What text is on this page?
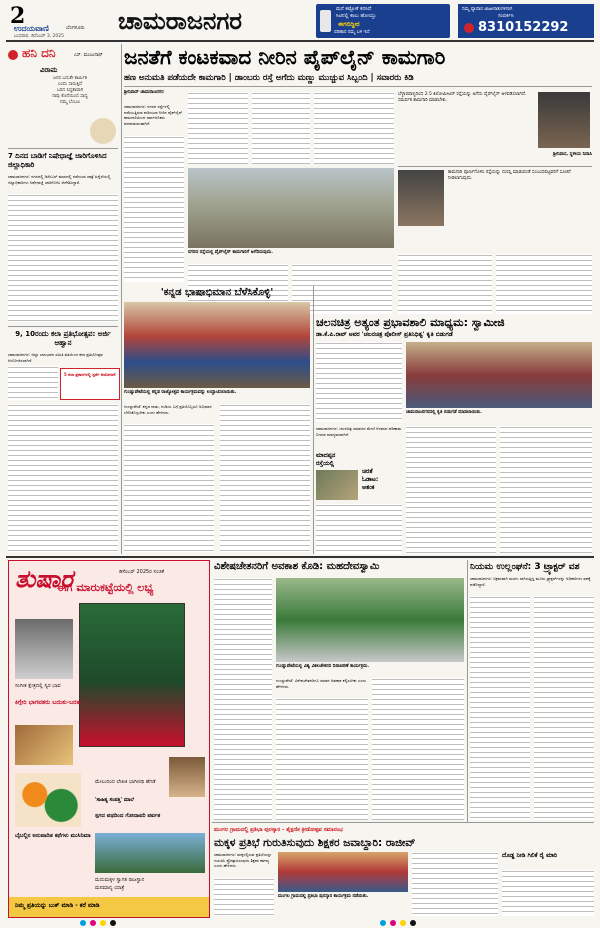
2
ಉದಯವಾಣಿ	ಬೆಂಗಳೂರು
ಬುಧವಾರ, ಡಿಸೆಂಬರ್ 3, 2025
ಚಾಮರಾಜನಗರ	ಮನೆ ಕಟ್ಟೋಕೆ ಕನಸಿದೆ
ಸಿಟಿನಲ್ಲಿ ಕಾಲು ಹೋಯ್ತು
ಈಗಲಿದ್ದೀರ
ಪರಿಹಾರ ನಮ್ಮ ಬಳಿ ಇದೆ
ನಿಮ್ಮ ವ್ಯಾಪಾರ ಜಾಹೀರಾತುಗಳಿಗಾಗಿ
ಸಂಪರ್ಕಿಸಿ
8310152292
ಹನಿ ದನಿ	ಎಸ್. ಮಂಜುನಾಥ್
ವಿರಾಮ
ಜನರ ಬದುಕೇ ಕಾರ್ಮಿಕ
ಎಂದು ಸಾರುತ್ತಿದೆ
ಬರದ ಸಿದ್ಧತಾವಾಗಿ
ನಾವು ಕೊನೆಯಿಂದ ಸಾಧ್ಯ
ನಮ್ಮ ಬೆಂಬಲ
7 ದಿನದ ಬಾಡಿಗೆ ನಿಷೇಧಾಜ್ಞೆ ಜಾರಿಗೊಳಿಸಿದ ಜಿಲ್ಲಾಧಿಕಾರಿ
ಚಾಮರಾಜನಗರ: ನಗರದಲ್ಲಿ ಡಿಸೆಂಬರ್ ಮಾಸದಲ್ಲಿ ನಡೆಯುವ ಜಾತ್ರೆ ಹಿನ್ನೆಲೆಯಲ್ಲಿ ಜಿಲ್ಲಾಧಿಕಾರಿಗಳು ನಿಷೇಧಾಜ್ಞೆ ಜಾರಿಗೊಳಿಸಿ ಆದೇಶಿಸಿದ್ದಾರೆ.
9, 10ರಂದು ಕಲಾ ಪ್ರತಿಭೋತ್ಸವ: ಅರ್ಜಿ ಆಹ್ವಾನ
ಚಾಮರಾಜನಗರ: ಜಿಲ್ಲಾ ಬಾಲಭವನ ಸಮಿತಿ ವತಿಯಿಂದ ಕಲಾ ಪ್ರತಿಭೋತ್ಸವ ಆಯೋಜಿಸಲಾಗಿದೆ.
5 ಕಲಾ ಪ್ರಕಾರಗಳಲ್ಲಿ ಸ್ಪರ್ಧೆ ಆಯೋಜನೆ
ಜನತೆಗೆ ಕಂಟಕವಾದ ನೀರಿನ ಪೈಪ್‌ಲೈನ್ ಕಾಮಗಾರಿ
ಹಣ ಅನುಮತಿ ಪಡೆಯದೇ ಕಾಮಗಾರಿ | ಡಾಂಬರು ರಸ್ತೆ ಅಗೆದು ಮಣ್ಣು ಮುಚ್ಚುವ ಸಿಬ್ಬಂದಿ | ಸವಾರರು ಕಿಡಿ
ಶ್ರೀನಿವಾಸ್ ಚಾಮರಾಜನಗರ
ಚಾಮರಾಜನಗರ: ನಗರದ ರಸ್ತೆಗಳಲ್ಲಿ ನಡೆಯುತ್ತಿರುವ ಕುಡಿಯುವ ನೀರಿನ ಪೈಪ್‌ಲೈನ್ ಕಾಮಗಾರಿಯಿಂದ ಸಾರ್ವಜನಿಕರು ಪರದಾಡುವಂತಾಗಿದೆ.
ನಗರದ ರಸ್ತೆಯಲ್ಲಿ ಪೈಪ್‌ಲೈನ್ ಕಾಮಗಾರಿಗೆ ಅಗೆದಿರುವುದು.
ಬೆಳ್ಳಾರಪಾಳ್ಯದಿಂದ 2.5 ಕಿಲೋಮೀಟರ್ ರಸ್ತೆಯನ್ನು ಅಗೆದು ಪೈಪ್‌ಲೈನ್ ಅಳವಡಿಸಲಾಗಿದೆ. ಸಮರ್ಪಕ ಕಾಮಗಾರಿ ಮಾಡಬೇಕು.
ಶ್ರೀನಿವಾಸ, ಸ್ಥಳೀಯ ನಿವಾಸಿ
ಕಾಮಗಾರಿ ಪೂರ್ಣಗೊಳಿಸಿ ರಸ್ತೆಯನ್ನು ದುರಸ್ತಿ ಮಾಡುವಂತೆ ಸಂಬಂಧಪಟ್ಟವರಿಗೆ ಸೂಚನೆ ನೀಡಲಾಗುವುದು.
'ಕನ್ನಡ ಭಾಷಾಭಿಮಾನ ಬೆಳೆಸಿಕೊಳ್ಳಿ'
ಗುಂಡ್ಲುಪೇಟೆಯಲ್ಲಿ ಕನ್ನಡ ರಾಜ್ಯೋತ್ಸವ ಕಾರ್ಯಕ್ರಮವನ್ನು ಉದ್ಘಾಟಿಸಲಾಯಿತು.
ಗುಂಡ್ಲುಪೇಟೆ: ಕನ್ನಡ ನಾಡು, ನುಡಿಯ ಬಗ್ಗೆ ಪ್ರತಿಯೊಬ್ಬರೂ ಅಭಿಮಾನ ಬೆಳೆಸಿಕೊಳ್ಳಬೇಕು ಎಂದು ಹೇಳಿದರು.
ಚಲನಚಿತ್ರ ಅತ್ಯಂತ ಪ್ರಭಾವಶಾಲಿ ಮಾಧ್ಯಮ: ಸ್ವಾಮೀಜಿ
ಡಾ.ಕೆ.ಪಿ.ರಾವ್ ಅವರ 'ಚಲನಚಿತ್ರ ಪೊಲೀಸ್ ಪ್ರತಿನಿಧಿತ್ವ' ಕೃತಿ ಬಿಡುಗಡೆ
ಚಾಮರಾಜನಗರದಲ್ಲಿ ಕೃತಿ ಬಿಡುಗಡೆ ಮಾಡಲಾಯಿತು.
ಚಾಮರಾಜನಗರ: ಚಲನಚಿತ್ರ ಸಮಾಜದ ಮೇಲೆ ಆಳವಾದ ಪರಿಣಾಮ ಬೀರುವ ಮಾಧ್ಯಮವಾಗಿದೆ.
ಮಾದಪ್ಪನ
ರಸ್ತೆಯಲ್ಲಿ
ಚಿರತೆ
ಓಡಾಟ:
ಆತಂಕ
ತುಷಾರ	ಡಿಸೆಂಬರ್ 2025ರ ಸಂಚಿಕೆ
ಈಗ ಮಾರುಕಟ್ಟೆಯಲ್ಲಿ ಲಭ್ಯ
ಸಂಗೀತ ಕ್ಷೇತ್ರದಲ್ಲಿ ಸ್ವರ ಭಾವ
ಕಿಗ್ಗೇರಿ ಭಾಗವತರು ಬದುಕು-ಬರಹ
ಮೇಲುದಿಂದ ಲೇಖಕಿ ಭಾಗೀರಥಿ ಹೆಗಡೆ
'ಸಾಹಿತ್ಯ ಸಂಪತ್ತಿ' ಮಾಲೆ
ಸ್ಪಗದ ಪಥದಿಂದ ಗೋದಾವರಿ ಪರ್ವತ
ಬೈಬಲ್ಲಿನ ಅನುವಾದಿತ ಕಥೆಗಳು ಮುಸಿನಿಮಾ
ಮದುಮಕ್ಕಳ ಸ್ವಾಗತ ರಾಜಸ್ಥಾನ
ಮನಮಾನ್ಯ ಯಾತ್ರೆ
ನಿಮ್ಮ ಪ್ರತಿಯನ್ನು ಬುಕ್ ಮಾಡಿ - ಕರೆ ಮಾಡಿ
ವಿಶೇಷಚೇತನರಿಗೆ ಅವಕಾಶ ಕೊಡಿ: ಮಹದೇವಸ್ವಾಮಿ
ಗುಂಡ್ಲುಪೇಟೆಯಲ್ಲಿ ವಿಶ್ವ ವಿಕಲಚೇತನರ ದಿನಾಚರಣೆ ಕಾರ್ಯಕ್ರಮ.
ಗುಂಡ್ಲುಪೇಟೆ: ವಿಶೇಷಚೇತನರಿಗೂ ಸಮಾನ ಅವಕಾಶ ಕಲ್ಪಿಸಬೇಕು ಎಂದು ಹೇಳಿದರು.
ನಿಯಮ ಉಲ್ಲಂಘನೆ: 3 ಟ್ರ್ಯಾಕ್ಟರ್ ವಶ
ಚಾಮರಾಜನಗರ: ಅಕ್ರಮವಾಗಿ ಮರಳು ಸಾಗಿಸುತ್ತಿದ್ದ ಮೂರು ಟ್ರ್ಯಾಕ್ಟರ್‌ಗಳನ್ನು ಅಧಿಕಾರಿಗಳು ವಶಕ್ಕೆ ಪಡೆದಿದ್ದಾರೆ.
ಮಂಗಲ ಗ್ರಾಮದಲ್ಲಿ ಪ್ರತಿಭಾ ಪುರಸ್ಕಾರ - ಶೈಕ್ಷಣಿಕ ಕ್ರೀಡೋತ್ಸವ ಸಮಾರಂಭ
ಮಕ್ಕಳ ಪ್ರತಿಭೆ ಗುರುತಿಸುವುದು ಶಿಕ್ಷಕರ ಜವಾಬ್ದಾರಿ: ರಾಜೀವ್
ಚಾಮರಾಜನಗರ: ಮಕ್ಕಳಲ್ಲಿರುವ ಪ್ರತಿಭೆಯನ್ನು ಗುರುತಿಸಿ ಪ್ರೋತ್ಸಾಹಿಸುವುದು ಶಿಕ್ಷಕರ ಕರ್ತವ್ಯ ಎಂದು ಹೇಳಿದರು.
ಮಂಗಲ ಗ್ರಾಮದಲ್ಲಿ ಪ್ರತಿಭಾ ಪುರಸ್ಕಾರ ಕಾರ್ಯಕ್ರಮ ನಡೆಯಿತು.
ದೊಡ್ಡ ನೀಡಿ ಗಿಲಿಕೆ ರೈ ಮಾರಿ
